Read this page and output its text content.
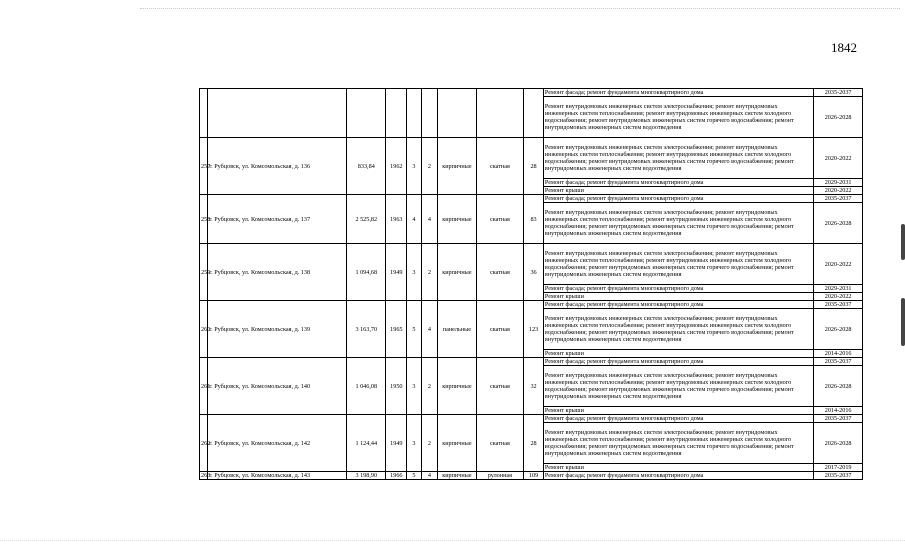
1842
									Ремонт фасада; ремонт фундамента многоквартирного дома	2035-2037
									Ремонт внутридомовых инженерных систем электроснабжения; ремонт внутридомовых инженерных систем теплоснабжения; ремонт внутридомовых инженерных систем холодного водоснабжения; ремонт внутридомовых инженерных систем горячего водоснабжения; ремонт внутридомовых инженерных систем водоотведения	2026-2028
257	г. Рубцовск, ул. Комсомольская, д. 136	833,84	1962	3	2	кирпичные	скатная	28	Ремонт внутридомовых инженерных систем электроснабжения; ремонт внутридомовых инженерных систем теплоснабжения; ремонт внутридомовых инженерных систем холодного водоснабжения; ремонт внутридомовых инженерных систем горячего водоснабжения; ремонт внутридомовых инженерных систем водоотведения	2020-2022
									Ремонт фасада; ремонт фундамента многоквартирного дома	2029-2031
									Ремонт крыши	2020-2022
258	г. Рубцовск, ул. Комсомольская, д. 137	2 525,82	1963	4	4	кирпичные	скатная	83	Ремонт фасада; ремонт фундамента многоквартирного дома	2035-2037
									Ремонт внутридомовых инженерных систем электроснабжения; ремонт внутридомовых инженерных систем теплоснабжения; ремонт внутридомовых инженерных систем холодного водоснабжения; ремонт внутридомовых инженерных систем горячего водоснабжения; ремонт внутридомовых инженерных систем водоотведения	2026-2028
259	г. Рубцовск, ул. Комсомольская, д. 138	1 094,68	1949	3	2	кирпичные	скатная	36	Ремонт внутридомовых инженерных систем электроснабжения; ремонт внутридомовых инженерных систем теплоснабжения; ремонт внутридомовых инженерных систем холодного водоснабжения; ремонт внутридомовых инженерных систем горячего водоснабжения; ремонт внутридомовых инженерных систем водоотведения	2020-2022
									Ремонт фасада; ремонт фундамента многоквартирного дома	2029-2031
									Ремонт крыши	2020-2022
260	г. Рубцовск, ул. Комсомольская, д. 139	3 163,70	1965	5	4	панельные	скатная	123	Ремонт фасада; ремонт фундамента многоквартирного дома	2035-2037
									Ремонт внутридомовых инженерных систем электроснабжения; ремонт внутридомовых инженерных систем теплоснабжения; ремонт внутридомовых инженерных систем холодного водоснабжения; ремонт внутридомовых инженерных систем горячего водоснабжения; ремонт внутридомовых инженерных систем водоотведения	2026-2028
									Ремонт крыши	2014-2016
261	г. Рубцовск, ул. Комсомольская, д. 140	1 046,08	1950	3	2	кирпичные	скатная	32	Ремонт фасада; ремонт фундамента многоквартирного дома	2035-2037
									Ремонт внутридомовых инженерных систем электроснабжения; ремонт внутридомовых инженерных систем теплоснабжения; ремонт внутридомовых инженерных систем холодного водоснабжения; ремонт внутридомовых инженерных систем горячего водоснабжения; ремонт внутридомовых инженерных систем водоотведения	2026-2028
									Ремонт крыши	2014-2016
262	г. Рубцовск, ул. Комсомольская, д. 142	1 124,44	1949	3	2	кирпичные	скатная	28	Ремонт фасада; ремонт фундамента многоквартирного дома	2035-2037
									Ремонт внутридомовых инженерных систем электроснабжения; ремонт внутридомовых инженерных систем теплоснабжения; ремонт внутридомовых инженерных систем холодного водоснабжения; ремонт внутридомовых инженерных систем горячего водоснабжения; ремонт внутридомовых инженерных систем водоотведения	2026-2028
									Ремонт крыши	2017-2019
263	г. Рубцовск, ул. Комсомольская, д. 143	3 198,90	1966	5	4	кирпичные	рулонная	109	Ремонт фасада; ремонт фундамента многоквартирного дома	2035-2037
